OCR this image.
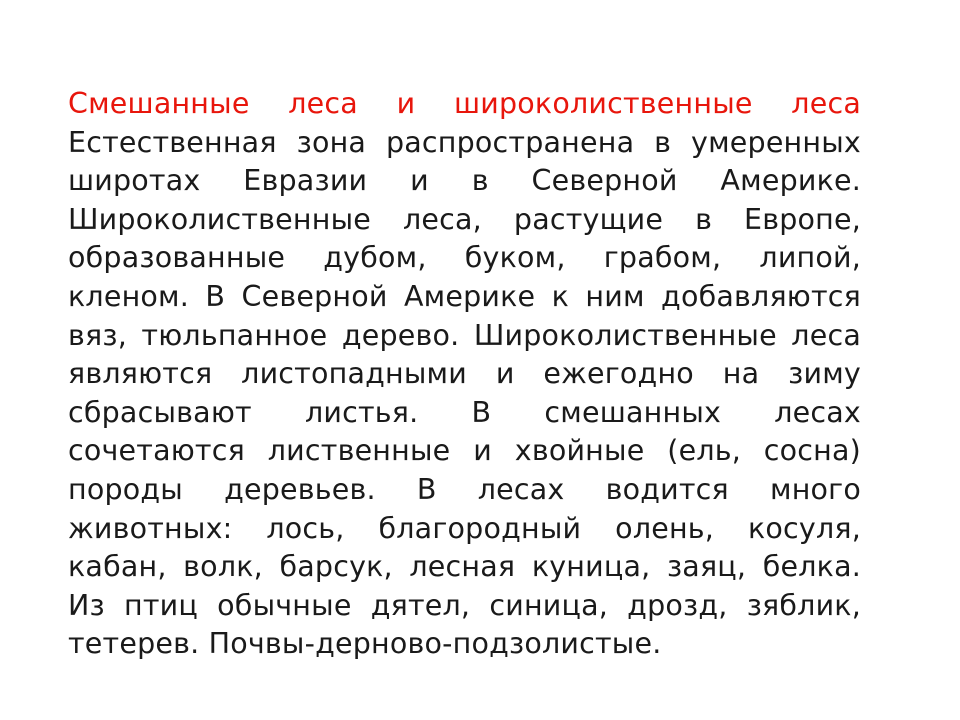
Смешанные леса и широколиственные леса Естественная зона распространена в умеренных широтах Евразии и в Северной Америке. Широколиственные леса, растущие в Европе, образованные дубом, буком, грабом, липой, кленом. В Северной Америке к ним добавляются вяз, тюльпанное дерево. Широколиственные леса являются листопадными и ежегодно на зиму сбрасывают листья. В смешанных лесах сочетаются лиственные и хвойные (ель, сосна) породы деревьев. В лесах водится много животных: лось, благородный олень, косуля, кабан, волк, барсук, лесная куница, заяц, белка. Из птиц обычные дятел, синица, дрозд, зяблик, тетерев. Почвы-дерново-подзолистые.
